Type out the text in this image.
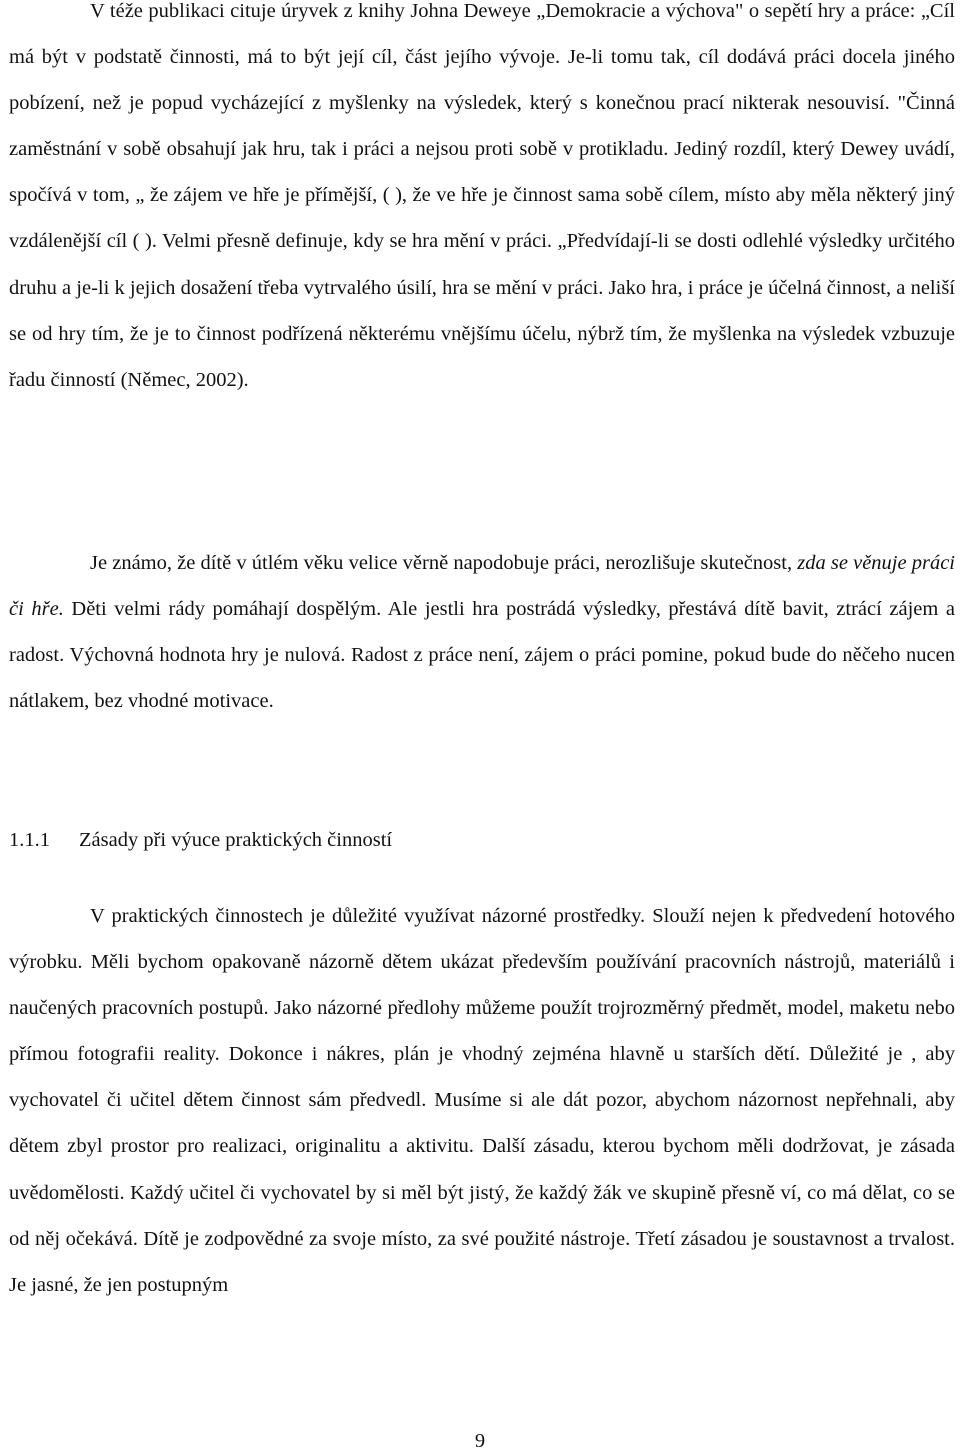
V téže publikaci cituje úryvek z knihy Johna Deweye „Demokracie a výchova" o sepětí hry a práce: „Cíl má být v podstatě činnosti, má to být její cíl, část jejího vývoje. Je-li tomu tak, cíl dodává práci docela jiného pobízení, než je popud vycházející z myšlenky na výsledek, který s konečnou prací nikterak nesouvisí. "Činná zaměstnání v sobě obsahují jak hru, tak i práci a nejsou proti sobě v protikladu. Jediný rozdíl, který Dewey uvádí, spočívá v tom, „ že zájem ve hře je přímější, ( ), že ve hře je činnost sama sobě cílem, místo aby měla některý jiný vzdálenější cíl ( ). Velmi přesně definuje, kdy se hra mění v práci. „Předvídají-li se dosti odlehlé výsledky určitého druhu a je-li k jejich dosažení třeba vytrvalého úsilí, hra se mění v práci. Jako hra, i práce je účelná činnost, a neliší se od hry tím, že je to činnost podřízená některému vnějšímu účelu, nýbrž tím, že myšlenka na výsledek vzbuzuje řadu činností (Němec, 2002).

Je známo, že dítě v útlém věku velice věrně napodobuje práci, nerozlišuje skutečnost, zda se věnuje práci či hře. Děti velmi rády pomáhají dospělým. Ale jestli hra postrádá výsledky, přestává dítě bavit, ztrácí zájem a radost. Výchovná hodnota hry je nulová. Radost z práce není, zájem o práci pomine, pokud bude do něčeho nucen nátlakem, bez vhodné motivace.

1.1.1 Zásady při výuce praktických činností

V praktických činnostech je důležité využívat názorné prostředky. Slouží nejen k předvedení hotového výrobku. Měli bychom opakovaně názorně dětem ukázat především používání pracovních nástrojů, materiálů i naučených pracovních postupů. Jako názorné předlohy můžeme použít trojrozměrný předmět, model, maketu nebo přímou fotografii reality. Dokonce i nákres, plán je vhodný zejména hlavně u starších dětí. Důležité je , aby vychovatel či učitel dětem činnost sám předvedl. Musíme si ale dát pozor, abychom názornost nepřehnali, aby dětem zbyl prostor pro realizaci, originalitu a aktivitu. Další zásadu, kterou bychom měli dodržovat, je zásada uvědomělosti. Každý učitel či vychovatel by si měl být jistý, že každý žák ve skupině přesně ví, co má dělat, co se od něj očekává. Dítě je zodpovědné za svoje místo, za své použité nástroje. Třetí zásadou je soustavnost a trvalost. Je jasné, že jen postupným

9
